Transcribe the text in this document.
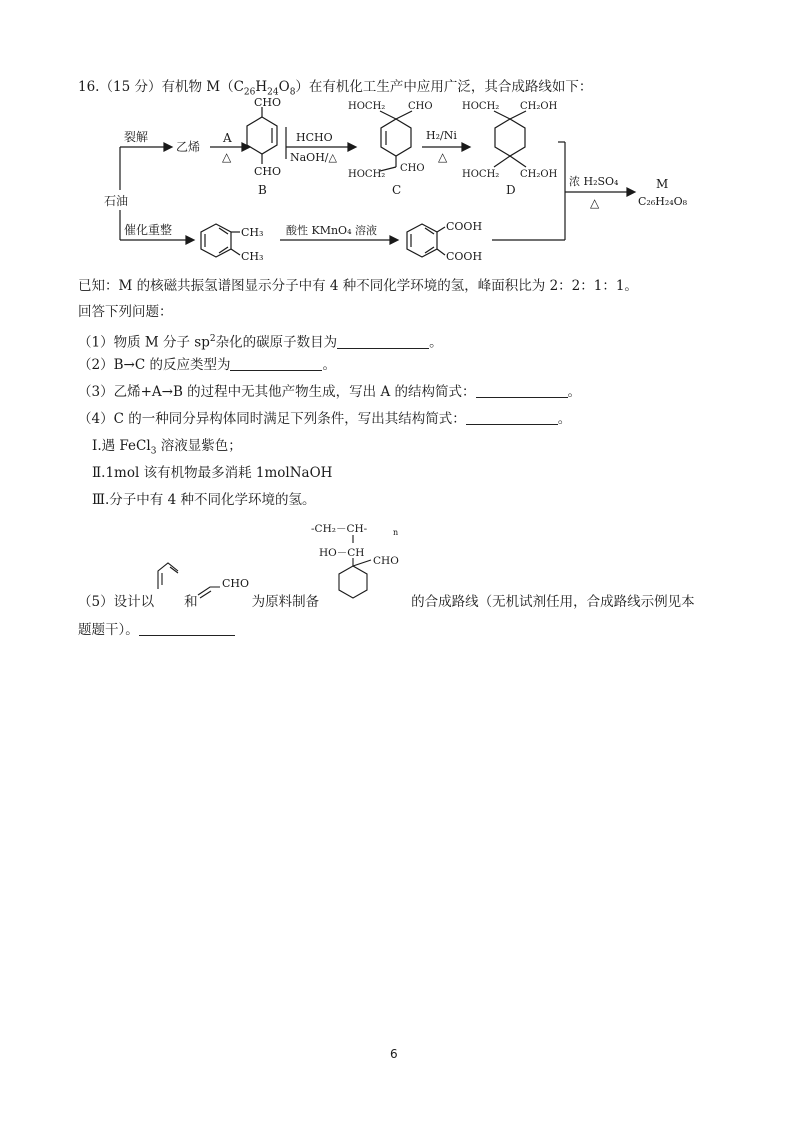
16.（15 分）有机物 $M(C_{26}H_{24}O_8)$在有机化工生产中应用广泛，其合成路线如下：
石油
裂解
乙烯
A
△
CHO
CHO
B
HCHO
NaOH/△
HOCH₂ CHO
HOCH₂
CHO
C
H₂/Ni
△
HOCH₂ CH₂OH
HOCH₂ CH₂OH
D
浓 H₂SO₄
△
M
C₂₆H₂₄O₈
催化重整	CH₃
CH₃
酸性 KMnO₄ 溶液	COOH
COOH
已知：M 的核磁共振氢谱图显示分子中有 4 种不同化学环境的氢，峰面积比为 2：2：1：1。
回答下列问题：
（1）物质 M 分子 $sp^2$杂化的碳原子数目为	。
（2）B→C 的反应类型为	。
（3）乙烯+A→B 的过程中无其他产物生成，写出 A 的结构简式：	。
（4）C 的一种同分异构体同时满足下列条件，写出其结构简式：	。
Ⅰ.遇 FeCl$_3$ 溶液显紫色；
Ⅱ.1mol 该有机物最多消耗 1molNaOH
Ⅲ.分子中有 4 种不同化学环境的氢。
-CH₂－CH-	n
HO－CH
CHO
CHO
（5）设计以 和	为原料制备	的合成路线（无机试剂任用，合成路线示例见本
题题干）。
6
